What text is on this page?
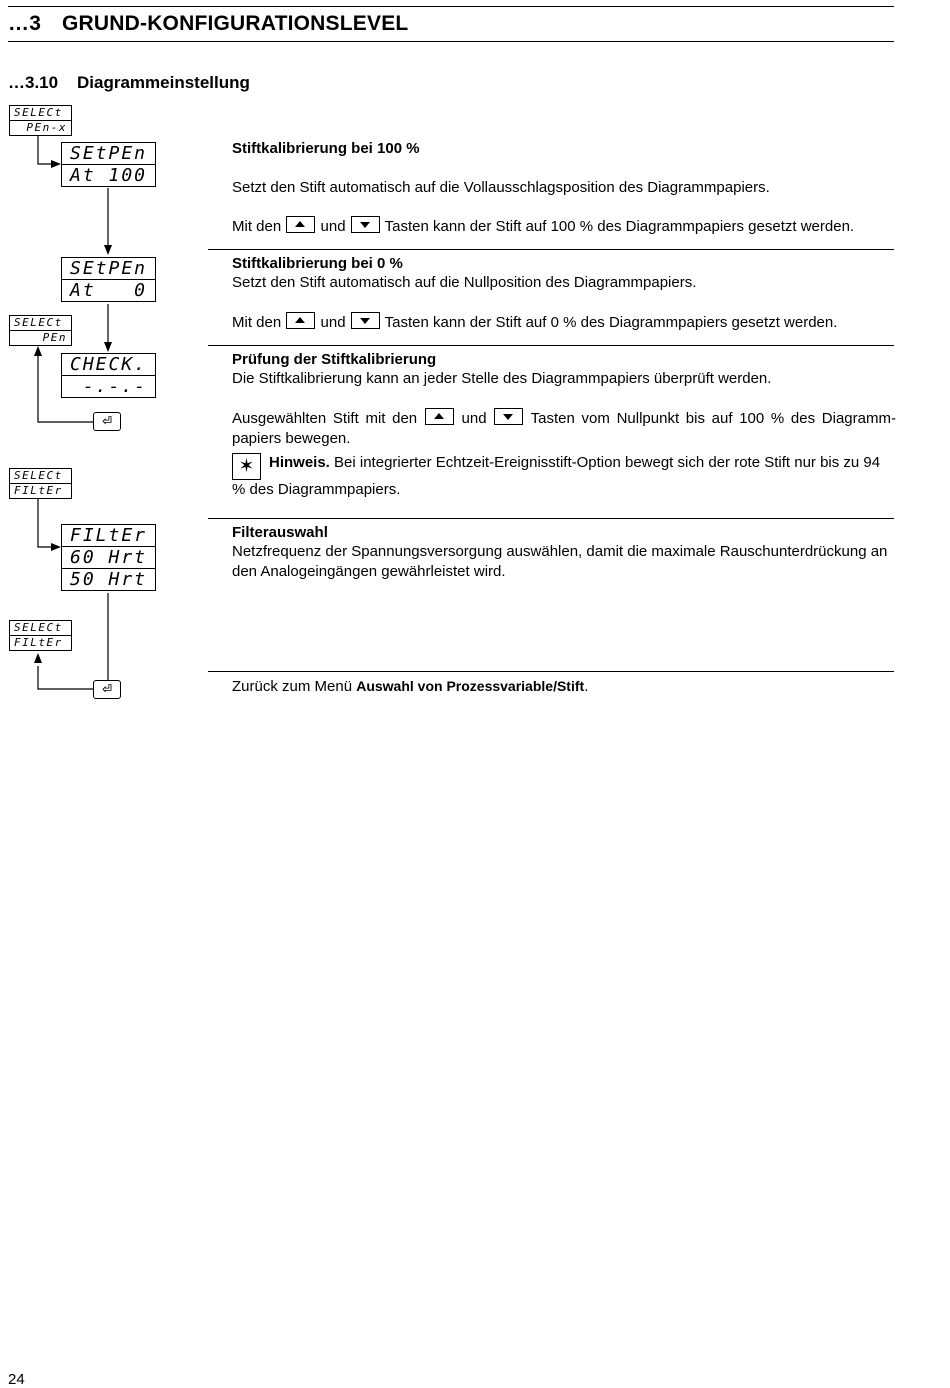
…3 GRUND-KONFIGURATIONSLEVEL
…3.10 Diagrammeinstellung
SELECt
PEn-x
SEtPEn
At 100
SEtPEn
At 0
SELECt
PEn
CHECK.
-.-.-
⏎
SELECt
FILtEr
FILtEr
60 Hrt
50 Hrt
SELECt
FILtEr
⏎
Stiftkalibrierung bei 100 %
Setzt den Stift automatisch auf die Vollausschlagsposition des Diagrammpapiers.
Mit den	und	Tasten kann der Stift auf 100 % des Diagrammpapiers gesetzt werden.
Stiftkalibrierung bei 0 %
Setzt den Stift automatisch auf die Nullposition des Diagrammpapiers.
Mit den	und	Tasten kann der Stift auf 0 % des Diagrammpapiers gesetzt werden.
Prüfung der Stiftkalibrierung
Die Stiftkalibrierung kann an jeder Stelle des Diagrammpapiers überprüft werden.
Ausgewählten Stift mit den	und	Tasten vom Nullpunkt bis auf 100 % des Diagramm-papiers bewegen.
✶ Hinweis. Bei integrierter Echtzeit-Ereignisstift-Option bewegt sich der rote Stift nur bis zu 94 % des Diagrammpapiers.
Filterauswahl
Netzfrequenz der Spannungsversorgung auswählen, damit die maximale Rauschunterdrückung an den Analogeingängen gewährleistet wird.
Zurück zum Menü Auswahl von Prozessvariable/Stift.
24
